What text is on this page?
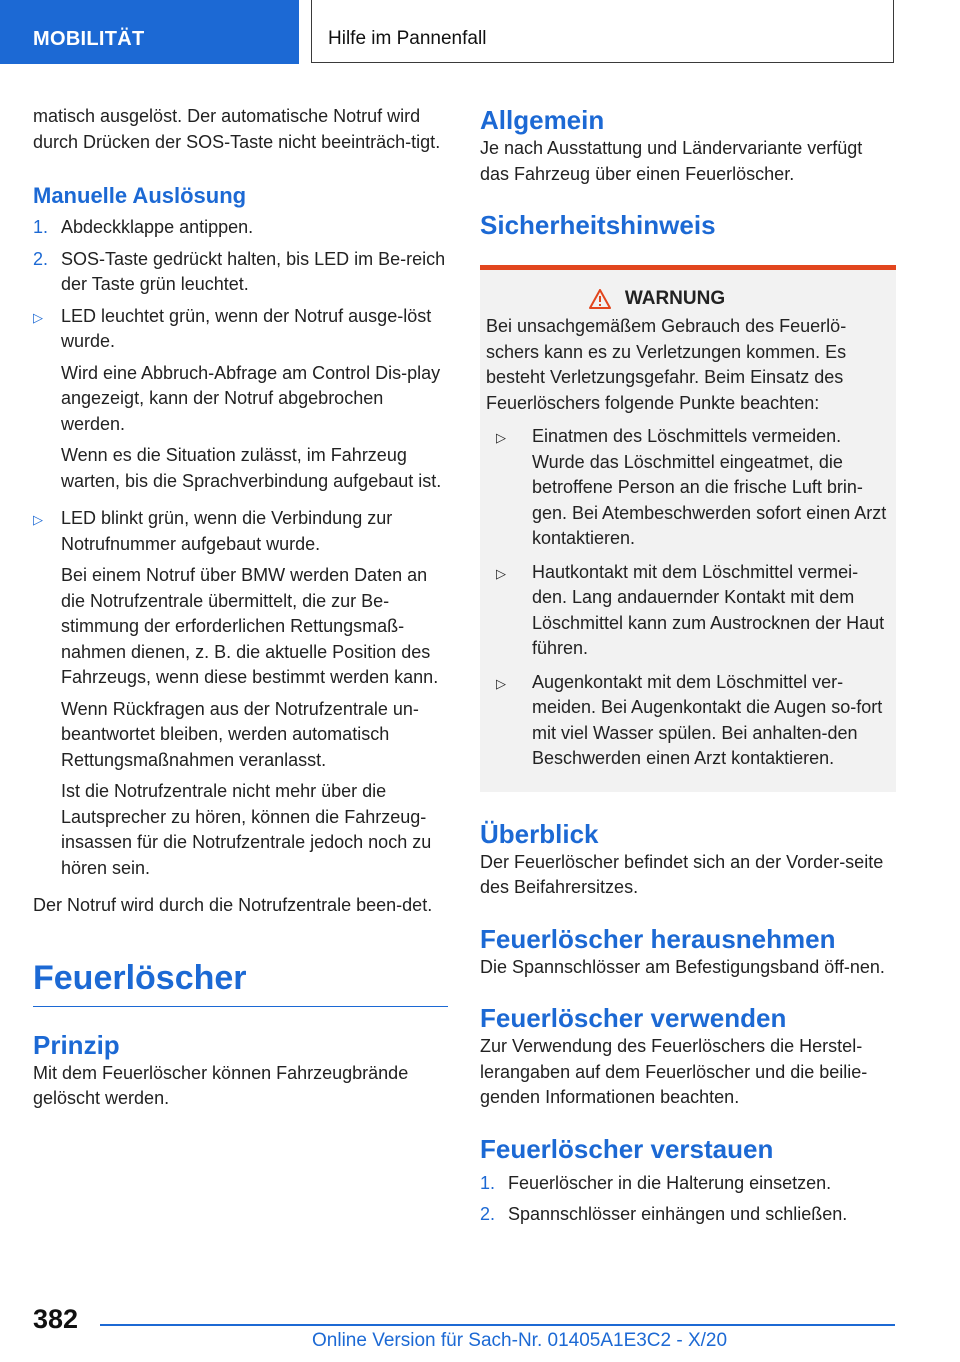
MOBILITÄT	Hilfe im Pannenfall

matisch ausgelöst. Der automatische Notruf wird durch Drücken der SOS-Taste nicht beeinträch‐tigt.

Manuelle Auslösung
1. Abdeckklappe antippen.
2. SOS-Taste gedrückt halten, bis LED im Be‐reich der Taste grün leuchtet.
▷	LED leuchtet grün, wenn der Notruf ausge‐löst wurde.

Wird eine Abbruch-Abfrage am Control Dis‐play angezeigt, kann der Notruf abgebrochen werden.

Wenn es die Situation zulässt, im Fahrzeug warten, bis die Sprachverbindung aufgebaut ist.

▷	LED blinkt grün, wenn die Verbindung zur Notrufnummer aufgebaut wurde.

Bei einem Notruf über BMW werden Daten an die Notrufzentrale übermittelt, die zur Be‐stimmung der erforderlichen Rettungsmaß‐nahmen dienen, z. B. die aktuelle Position des Fahrzeugs, wenn diese bestimmt werden kann.

Wenn Rückfragen aus der Notrufzentrale un‐beantwortet bleiben, werden automatisch Rettungsmaßnahmen veranlasst.

Ist die Notrufzentrale nicht mehr über die Lautsprecher zu hören, können die Fahrzeug‐insassen für die Notrufzentrale jedoch noch zu hören sein.

Der Notruf wird durch die Notrufzentrale been‐det.

Feuerlöscher
Prinzip

Mit dem Feuerlöscher können Fahrzeugbrände gelöscht werden.

Allgemein

Je nach Ausstattung und Ländervariante verfügt das Fahrzeug über einen Feuerlöscher.

Sicherheitshinweis
WARNUNG

Bei unsachgemäßem Gebrauch des Feuerlö‐schers kann es zu Verletzungen kommen. Es besteht Verletzungsgefahr. Beim Einsatz des Feuerlöschers folgende Punkte beachten:

▷	Einatmen des Löschmittels vermeiden. Wurde das Löschmittel eingeatmet, die betroffene Person an die frische Luft brin‐gen. Bei Atembeschwerden sofort einen Arzt kontaktieren.
▷	Hautkontakt mit dem Löschmittel vermei‐den. Lang andauernder Kontakt mit dem Löschmittel kann zum Austrocknen der Haut führen.
▷	Augenkontakt mit dem Löschmittel ver‐meiden. Bei Augenkontakt die Augen so‐fort mit viel Wasser spülen. Bei anhalten‐den Beschwerden einen Arzt kontaktieren.
Überblick

Der Feuerlöscher befindet sich an der Vorder‐seite des Beifahrersitzes.

Feuerlöscher herausnehmen

Die Spannschlösser am Befestigungsband öff‐nen.

Feuerlöscher verwenden

Zur Verwendung des Feuerlöschers die Herstel‐lerangaben auf dem Feuerlöscher und die beilie‐genden Informationen beachten.

Feuerlöscher verstauen
1. Feuerlöscher in die Halterung einsetzen.
2. Spannschlösser einhängen und schließen.
382
Online Version für Sach-Nr. 01405A1E3C2 - X/20
